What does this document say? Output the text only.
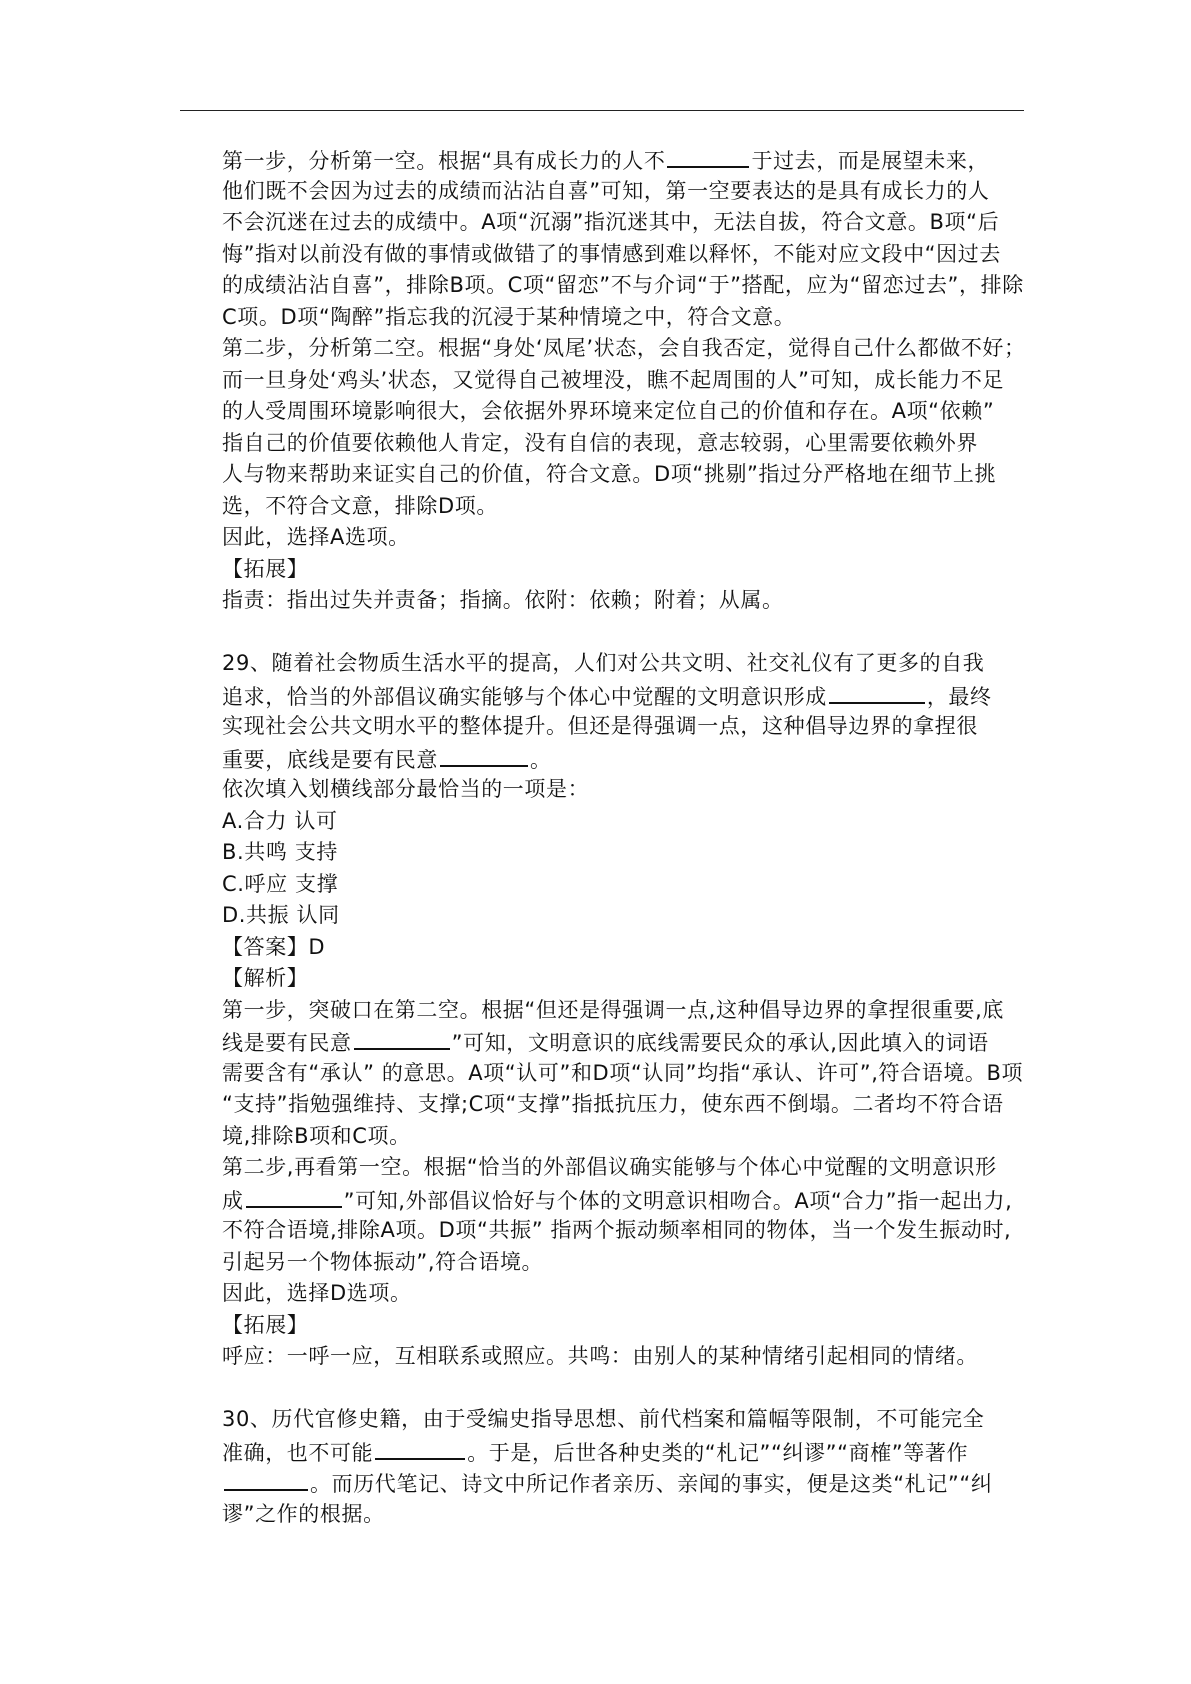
第一步，分析第一空。根据“具有成长力的人不	于过去，而是展望未来，
他们既不会因为过去的成绩而沾沾自喜”可知，第一空要表达的是具有成长力的人
不会沉迷在过去的成绩中。A项“沉溺”指沉迷其中，无法自拔，符合文意。B项“后
悔”指对以前没有做的事情或做错了的事情感到难以释怀，不能对应文段中“因过去
的成绩沾沾自喜”，排除B项。C项“留恋”不与介词“于”搭配，应为“留恋过去”，排除
C项。D项“陶醉”指忘我的沉浸于某种情境之中，符合文意。
第二步，分析第二空。根据“身处‘凤尾’状态，会自我否定，觉得自己什么都做不好；
而一旦身处‘鸡头’状态，又觉得自己被埋没，瞧不起周围的人”可知，成长能力不足
的人受周围环境影响很大，会依据外界环境来定位自己的价值和存在。A项“依赖”
指自己的价值要依赖他人肯定，没有自信的表现，意志较弱，心里需要依赖外界
人与物来帮助来证实自己的价值，符合文意。D项“挑剔”指过分严格地在细节上挑
选，不符合文意，排除D项。
因此，选择A选项。
【拓展】
指责：指出过失并责备；指摘。依附：依赖；附着；从属。
29、随着社会物质生活水平的提高，人们对公共文明、社交礼仪有了更多的自我
追求，恰当的外部倡议确实能够与个体心中觉醒的文明意识形成	，最终
实现社会公共文明水平的整体提升。但还是得强调一点，这种倡导边界的拿捏很
重要，底线是要有民意	。
依次填入划横线部分最恰当的一项是：
A.合力 认可
B.共鸣 支持
C.呼应 支撑
D.共振 认同
【答案】D
【解析】
第一步，突破口在第二空。根据“但还是得强调一点,这种倡导边界的拿捏很重要,底
线是要有民意	”可知，文明意识的底线需要民众的承认,因此填入的词语
需要含有“承认” 的意思。A项“认可”和D项“认同”均指“承认、许可”,符合语境。B项
“支持”指勉强维持、支撑;C项“支撑”指抵抗压力，使东西不倒塌。二者均不符合语
境,排除B项和C项。
第二步,再看第一空。根据“恰当的外部倡议确实能够与个体心中觉醒的文明意识形
成	”可知,外部倡议恰好与个体的文明意识相吻合。A项“合力”指一起出力,
不符合语境,排除A项。D项“共振” 指两个振动频率相同的物体，当一个发生振动时,
引起另一个物体振动”,符合语境。
因此，选择D选项。
【拓展】
呼应：一呼一应，互相联系或照应。共鸣：由别人的某种情绪引起相同的情绪。
30、历代官修史籍，由于受编史指导思想、前代档案和篇幅等限制，不可能完全
准确，也不可能	。于是，后世各种史类的“札记”“纠谬”“商榷”等著作
。而历代笔记、诗文中所记作者亲历、亲闻的事实，便是这类“札记”“纠
谬”之作的根据。
